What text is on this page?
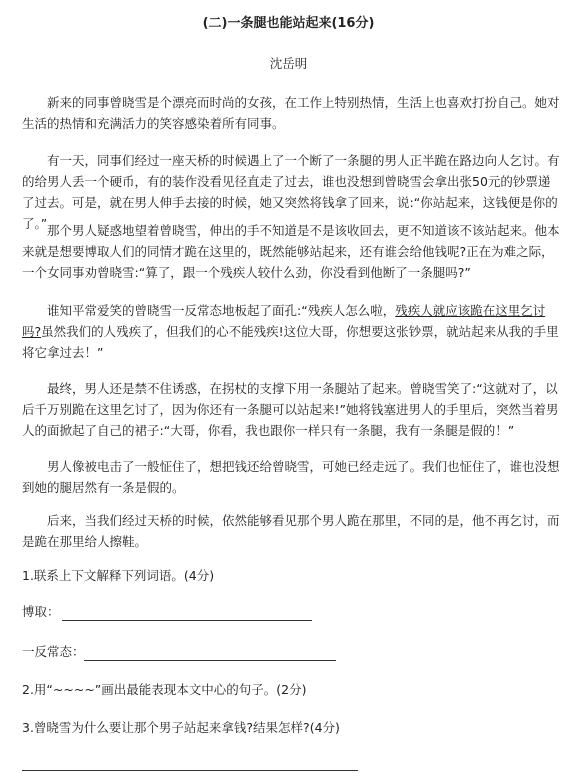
(二)一条腿也能站起来(16分)
沈岳明

新来的同事曾晓雪是个漂亮而时尚的女孩，在工作上特别热情，生活上也喜欢打扮自己。她对生活的热情和充满活力的笑容感染着所有同事。

有一天，同事们经过一座天桥的时候遇上了一个断了一条腿的男人正半跪在路边向人乞讨。有的给男人丢一个硬币，有的装作没看见径直走了过去，谁也没想到曾晓雪会拿出张50元的钞票递了过去。可是，就在男人伸手去接的时候，她又突然将钱拿了回来，说:“你站起来，这钱便是你的了。” 那个男人疑惑地望着曾晓雪，伸出的手不知道是不是该收回去，更不知道该不该站起来。他本来就是想要博取人们的同情才跪在这里的，既然能够站起来，还有谁会给他钱呢?正在为难之际，一个女同事劝曾晓雪:“算了，跟一个残疾人较什么劲，你没看到他断了一条腿吗?”

谁知平常爱笑的曾晓雪一反常态地板起了面孔:“残疾人怎么啦，残疾人就应该跪在这里乞讨吗?虽然我们的人残疾了，但我们的心不能残疾!这位大哥，你想要这张钞票，就站起来从我的手里将它拿过去！”

最终，男人还是禁不住诱惑，在拐杖的支撑下用一条腿站了起来。曾晓雪笑了:“这就对了，以后千万别跪在这里乞讨了，因为你还有一条腿可以站起来!”她将钱塞进男人的手里后，突然当着男人的面掀起了自己的裙子:“大哥，你看，我也跟你一样只有一条腿，我有一条腿是假的！”

男人像被电击了一般怔住了，想把钱还给曾晓雪，可她已经走远了。我们也怔住了，谁也没想到她的腿居然有一条是假的。

后来，当我们经过天桥的时候，依然能够看见那个男人跪在那里，不同的是，他不再乞讨，而是跪在那里给人擦鞋。

1.联系上下文解释下列词语。(4分)

博取：

一反常态：

2.用“~~~~”画出最能表现本文中心的句子。(2分)

3.曾晓雪为什么要让那个男子站起来拿钱?结果怎样?(4分)
